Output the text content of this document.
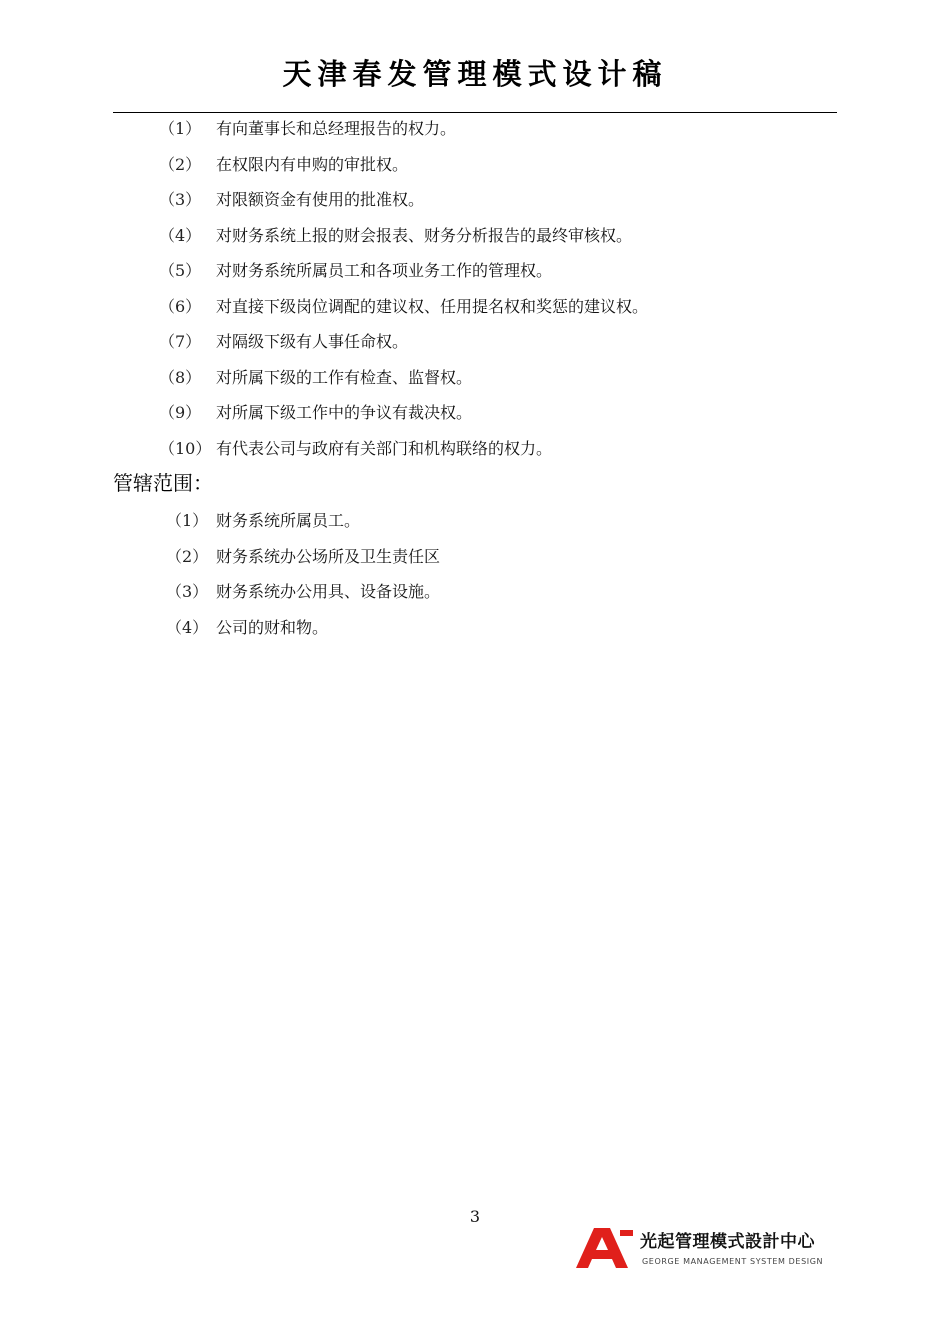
天津春发管理模式设计稿
（1） 有向董事长和总经理报告的权力。
（2） 在权限内有申购的审批权。
（3） 对限额资金有使用的批准权。
（4） 对财务系统上报的财会报表、财务分析报告的最终审核权。
（5） 对财务系统所属员工和各项业务工作的管理权。
（6） 对直接下级岗位调配的建议权、任用提名权和奖惩的建议权。
（7） 对隔级下级有人事任命权。
（8） 对所属下级的工作有检查、监督权。
（9） 对所属下级工作中的争议有裁决权。
（10） 有代表公司与政府有关部门和机构联络的权力。
管辖范围：
（1） 财务系统所属员工。
（2） 财务系统办公场所及卫生责任区
（3） 财务系统办公用具、设备设施。
（4） 公司的财和物。
3
光起管理模式設計中心
GEORGE MANAGEMENT SYSTEM DESIGN
